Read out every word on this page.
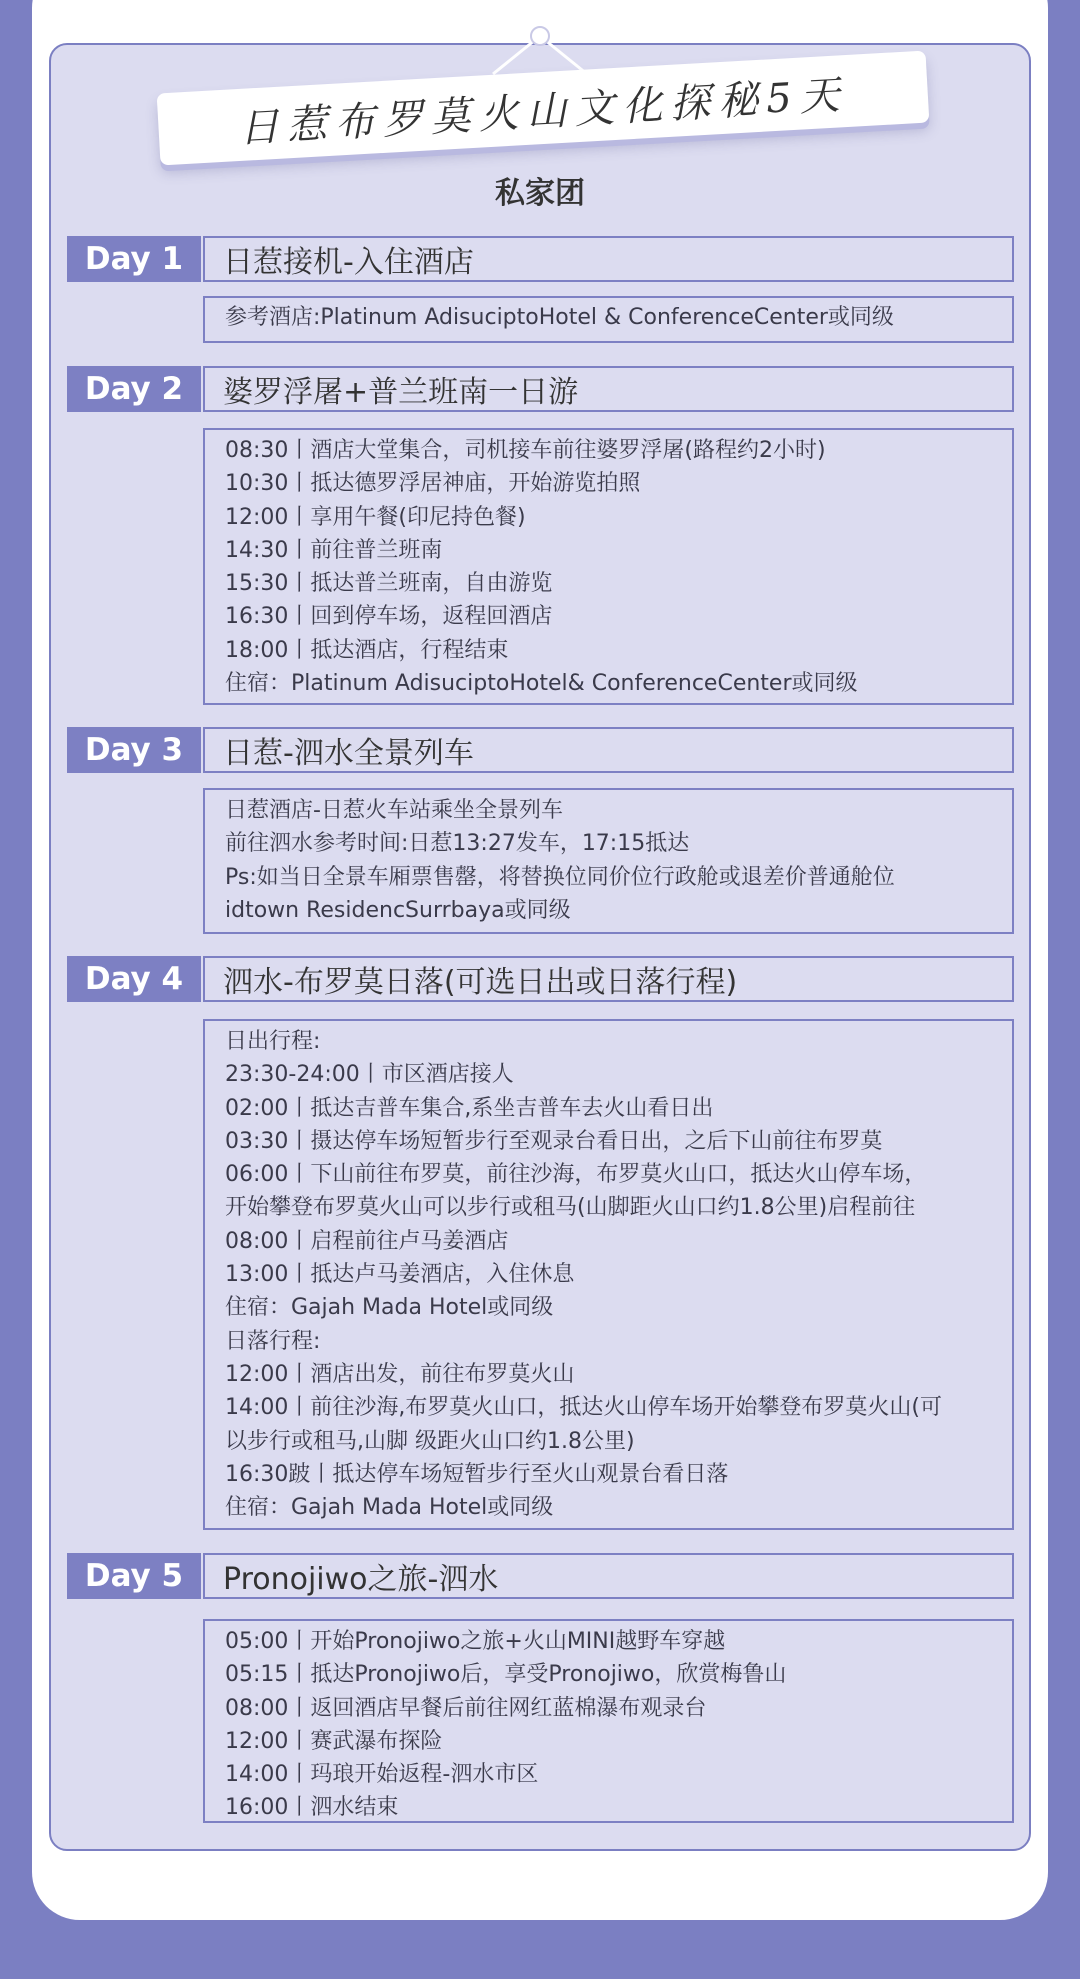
日惹布罗莫火山文化探秘5天
私家团
Day 1	日惹接机-入住酒店
参考酒店:Platinum AdisuciptoHotel & ConferenceCenter或同级
Day 2	婆罗浮屠+普兰班南一日游
08:30丨酒店大堂集合，司机接车前往婆罗浮屠(路程约2小时)
10:30丨抵达德罗浮居神庙，开始游览拍照
12:00丨享用午餐(印尼持色餐)
14:30丨前往普兰班南
15:30丨抵达普兰班南，自由游览
16:30丨回到停车场，返程回酒店
18:00丨抵达酒店，行程结束
住宿：Platinum AdisuciptoHotel& ConferenceCenter或同级
Day 3	日惹-泗水全景列车
日惹酒店-日惹火车站乘坐全景列车
前往泗水参考时间:日惹13:27发车，17:15抵达
Ps:如当日全景车厢票售罄，将替换位同价位行政舱或退差价普通舱位
idtown ResidencSurrbaya或同级
Day 4	泗水-布罗莫日落(可选日出或日落行程)
日出行程:
23:30-24:00丨市区酒店接人
02:00丨抵达吉普车集合,系坐吉普车去火山看日出
03:30丨摄达停车场短暂步行至观录台看日出，之后下山前往布罗莫
06:00丨下山前往布罗莫，前往沙海，布罗莫火山口，抵达火山停车场，
开始攀登布罗莫火山可以步行或租马(山脚距火山口约1.8公里)启程前往
08:00丨启程前往卢马姜酒店
13:00丨抵达卢马姜酒店，入住休息
住宿：Gajah Mada Hotel或同级
日落行程:
12:00丨酒店出发，前往布罗莫火山
14:00丨前往沙海,布罗莫火山口，抵达火山停车场开始攀登布罗莫火山(可
以步行或租马,山脚 级距火山口约1.8公里)
16:30跛丨抵达停车场短暂步行至火山观景台看日落
住宿：Gajah Mada Hotel或同级
Day 5	Pronojiwo之旅-泗水
05:00丨开始Pronojiwo之旅+火山MINI越野车穿越
05:15丨抵达Pronojiwo后，享受Pronojiwo，欣赏梅鲁山
08:00丨返回酒店早餐后前往网红蓝棉瀑布观录台
12:00丨赛武瀑布探险
14:00丨玛琅开始返程-泗水市区
16:00丨泗水结束
